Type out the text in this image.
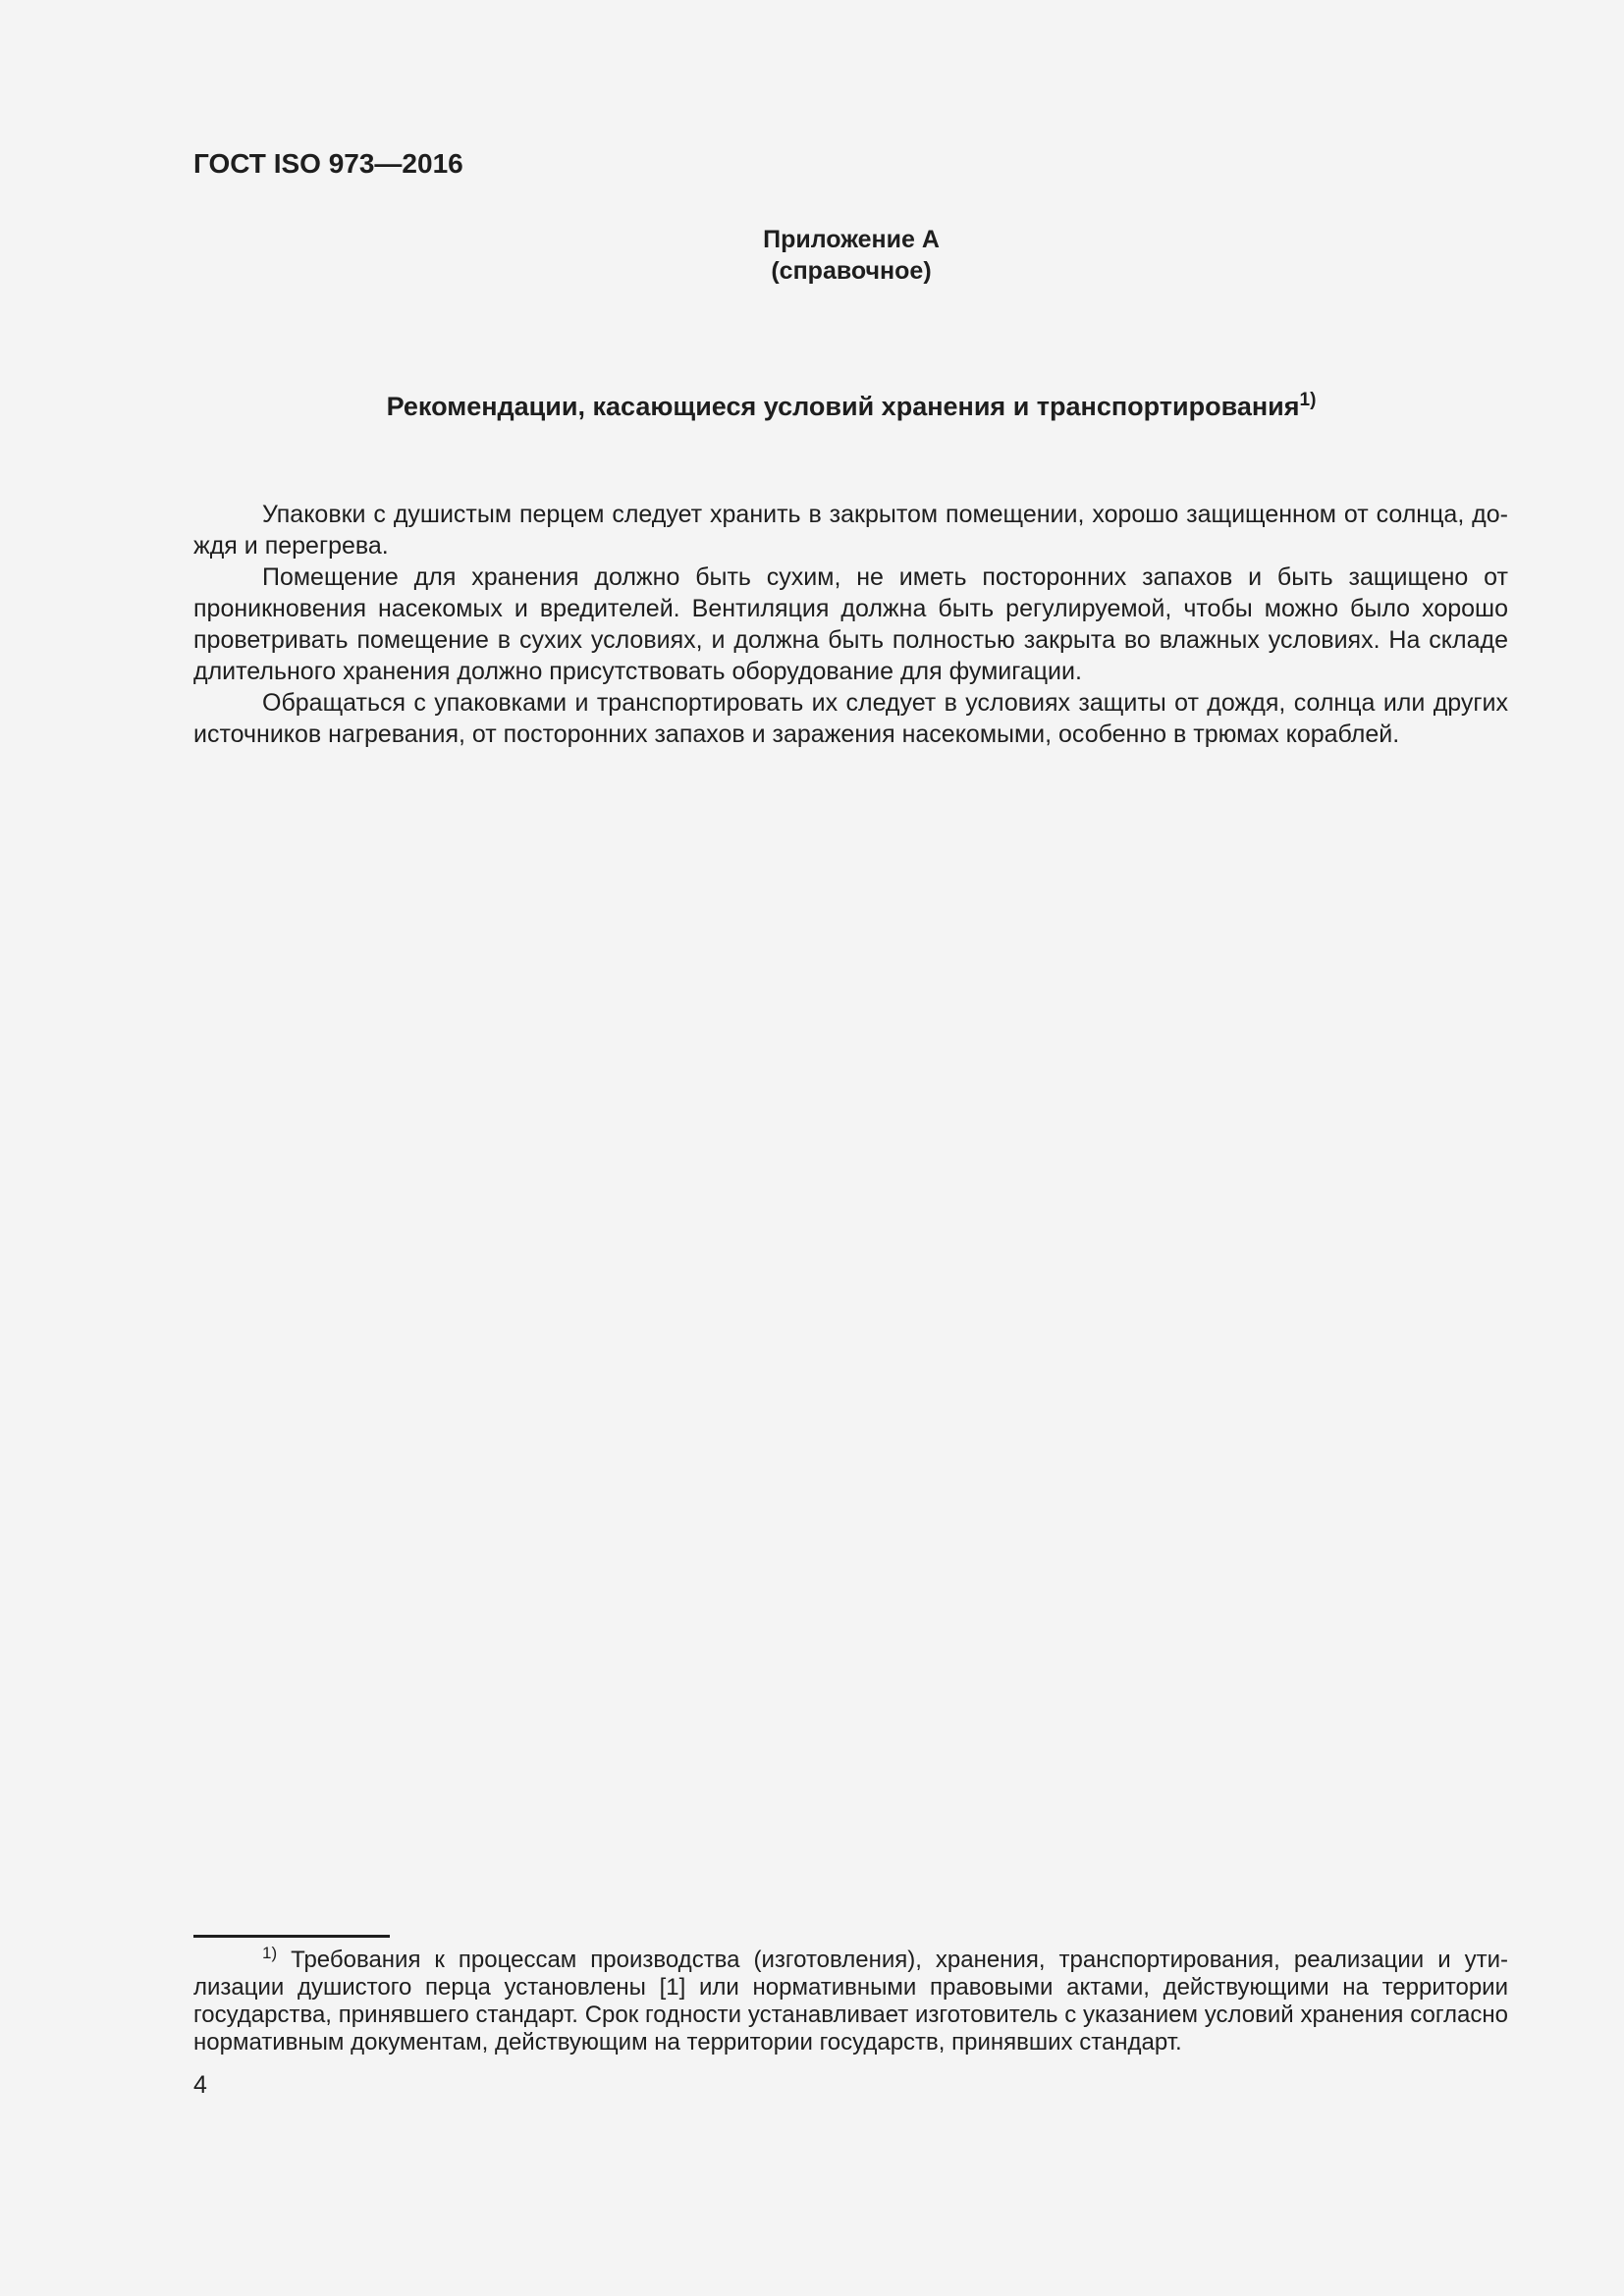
ГОСТ ISO 973—2016
Приложение А
(справочное)
Рекомендации, касающиеся условий хранения и транспортирования$^{1)}$

Упаковки с душистым перцем следует хранить в закрытом помещении, хорошо защищенном от солнца, дождя и перегрева.

Помещение для хранения должно быть сухим, не иметь посторонних запахов и быть защищено от проникновения насекомых и вредителей. Вентиляция должна быть регулируемой, чтобы можно было хорошо проветривать помещение в сухих условиях, и должна быть полностью закрыта во влажных условиях. На складе длительного хранения должно присутствовать оборудование для фумигации.

Обращаться с упаковками и транспортировать их следует в условиях защиты от дождя, солнца или других источников нагревания, от посторонних запахов и заражения насекомыми, особенно в трюмах кораблей.

$^{1)}$ Требования к процессам производства (изготовления), хранения, транспортирования, реализации и утилизации душистого перца установлены [1] или нормативными правовыми актами, действующими на территории государства, принявшего стандарт. Срок годности устанавливает изготовитель с указанием условий хранения согласно нормативным документам, действующим на территории государств, принявших стандарт.

4
